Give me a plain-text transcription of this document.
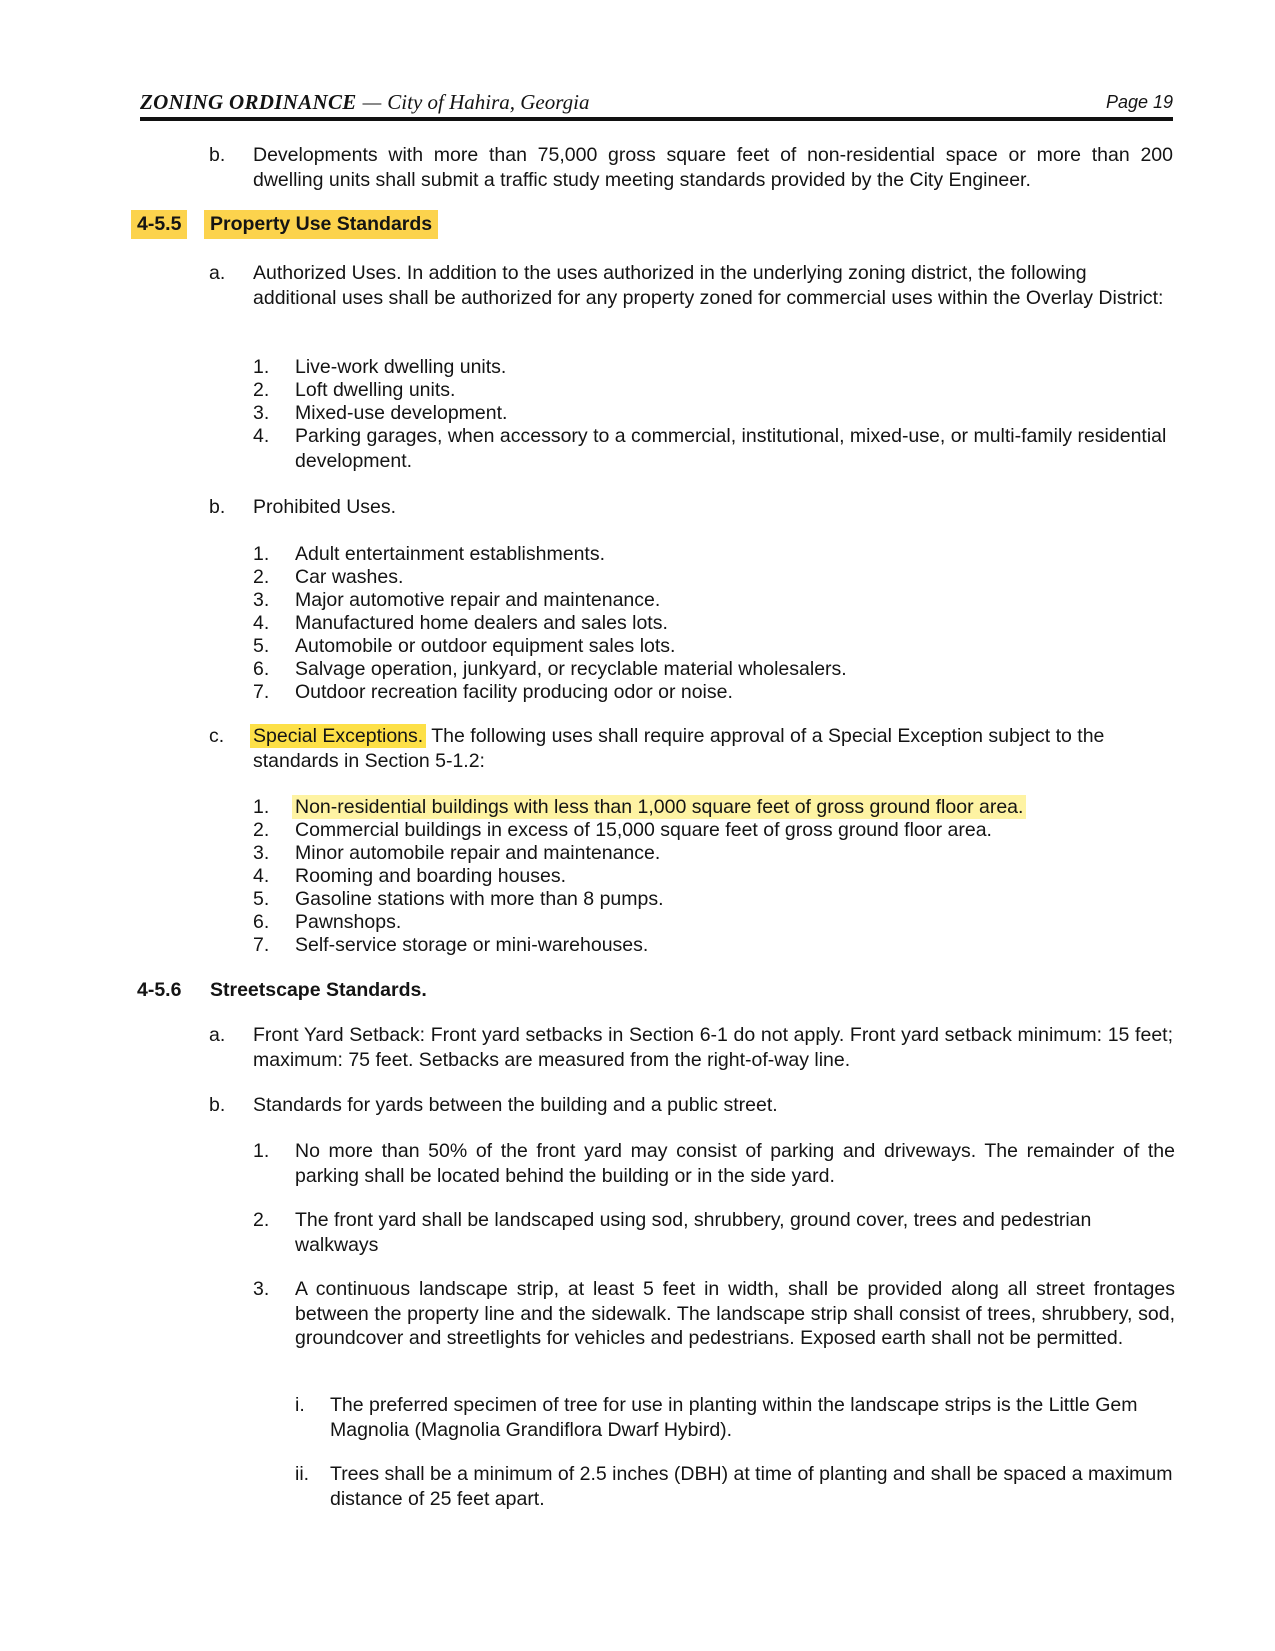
ZONING ORDINANCE — City of Hahira, Georgia	Page 19
b. Developments with more than 75,000 gross square feet of non-residential space or more than 200 dwelling units shall submit a traffic study meeting standards provided by the City Engineer.
4-5.5	Property Use Standards
a. Authorized Uses. In addition to the uses authorized in the underlying zoning district, the following additional uses shall be authorized for any property zoned for commercial uses within the Overlay District:
1. Live-work dwelling units.
2. Loft dwelling units.
3. Mixed-use development.
4. Parking garages, when accessory to a commercial, institutional, mixed-use, or multi-family residential development.
b. Prohibited Uses.
1. Adult entertainment establishments.
2. Car washes.
3. Major automotive repair and maintenance.
4. Manufactured home dealers and sales lots.
5. Automobile or outdoor equipment sales lots.
6. Salvage operation, junkyard, or recyclable material wholesalers.
7. Outdoor recreation facility producing odor or noise.
c. Special Exceptions. The following uses shall require approval of a Special Exception subject to the standards in Section 5-1.2:
1. Non-residential buildings with less than 1,000 square feet of gross ground floor area.
2. Commercial buildings in excess of 15,000 square feet of gross ground floor area.
3. Minor automobile repair and maintenance.
4. Rooming and boarding houses.
5. Gasoline stations with more than 8 pumps.
6. Pawnshops.
7. Self-service storage or mini-warehouses.
4-5.6 Streetscape Standards.
a. Front Yard Setback: Front yard setbacks in Section 6-1 do not apply. Front yard setback minimum: 15 feet; maximum: 75 feet. Setbacks are measured from the right-of-way line.
b. Standards for yards between the building and a public street.
1. No more than 50% of the front yard may consist of parking and driveways. The remainder of the parking shall be located behind the building or in the side yard.
2. The front yard shall be landscaped using sod, shrubbery, ground cover, trees and pedestrian walkways
3. A continuous landscape strip, at least 5 feet in width, shall be provided along all street frontages between the property line and the sidewalk. The landscape strip shall consist of trees, shrubbery, sod, groundcover and streetlights for vehicles and pedestrians. Exposed earth shall not be permitted.
i. The preferred specimen of tree for use in planting within the landscape strips is the Little Gem Magnolia (Magnolia Grandiflora Dwarf Hybird).
ii. Trees shall be a minimum of 2.5 inches (DBH) at time of planting and shall be spaced a maximum distance of 25 feet apart.
